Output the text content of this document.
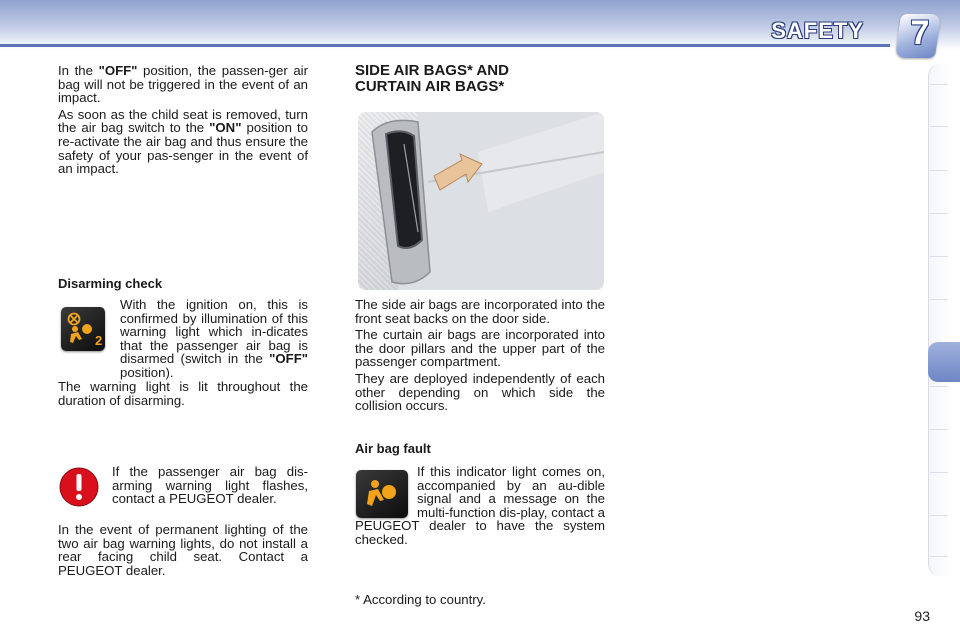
SAFETY 7

In the "OFF" position, the passen-ger air bag will not be triggered in the event of an impact.

As soon as the child seat is removed, turn the air bag switch to the "ON" position to re-activate the air bag and thus ensure the safety of your pas-senger in the event of an impact.

Disarming check
2

With the ignition on, this is confirmed by illumination of this warning light which in-dicates that the passenger air bag is disarmed (switch in the "OFF" position).

The warning light is lit throughout the duration of disarming.

If the passenger air bag dis-arming warning light flashes, contact a PEUGEOT dealer.

In the event of permanent lighting of the two air bag warning lights, do not install a rear facing child seat. Contact a PEUGEOT dealer.

SIDE AIR BAGS* AND
CURTAIN AIR BAGS*

The side air bags are incorporated into the front seat backs on the door side.

The curtain air bags are incorporated into the door pillars and the upper part of the passenger compartment.

They are deployed independently of each other depending on which side the collision occurs.

Air bag fault

If this indicator light comes on, accompanied by an au-dible signal and a message on the multi-function dis-play, contact a PEUGEOT dealer to have the system checked.

* According to country.
93
